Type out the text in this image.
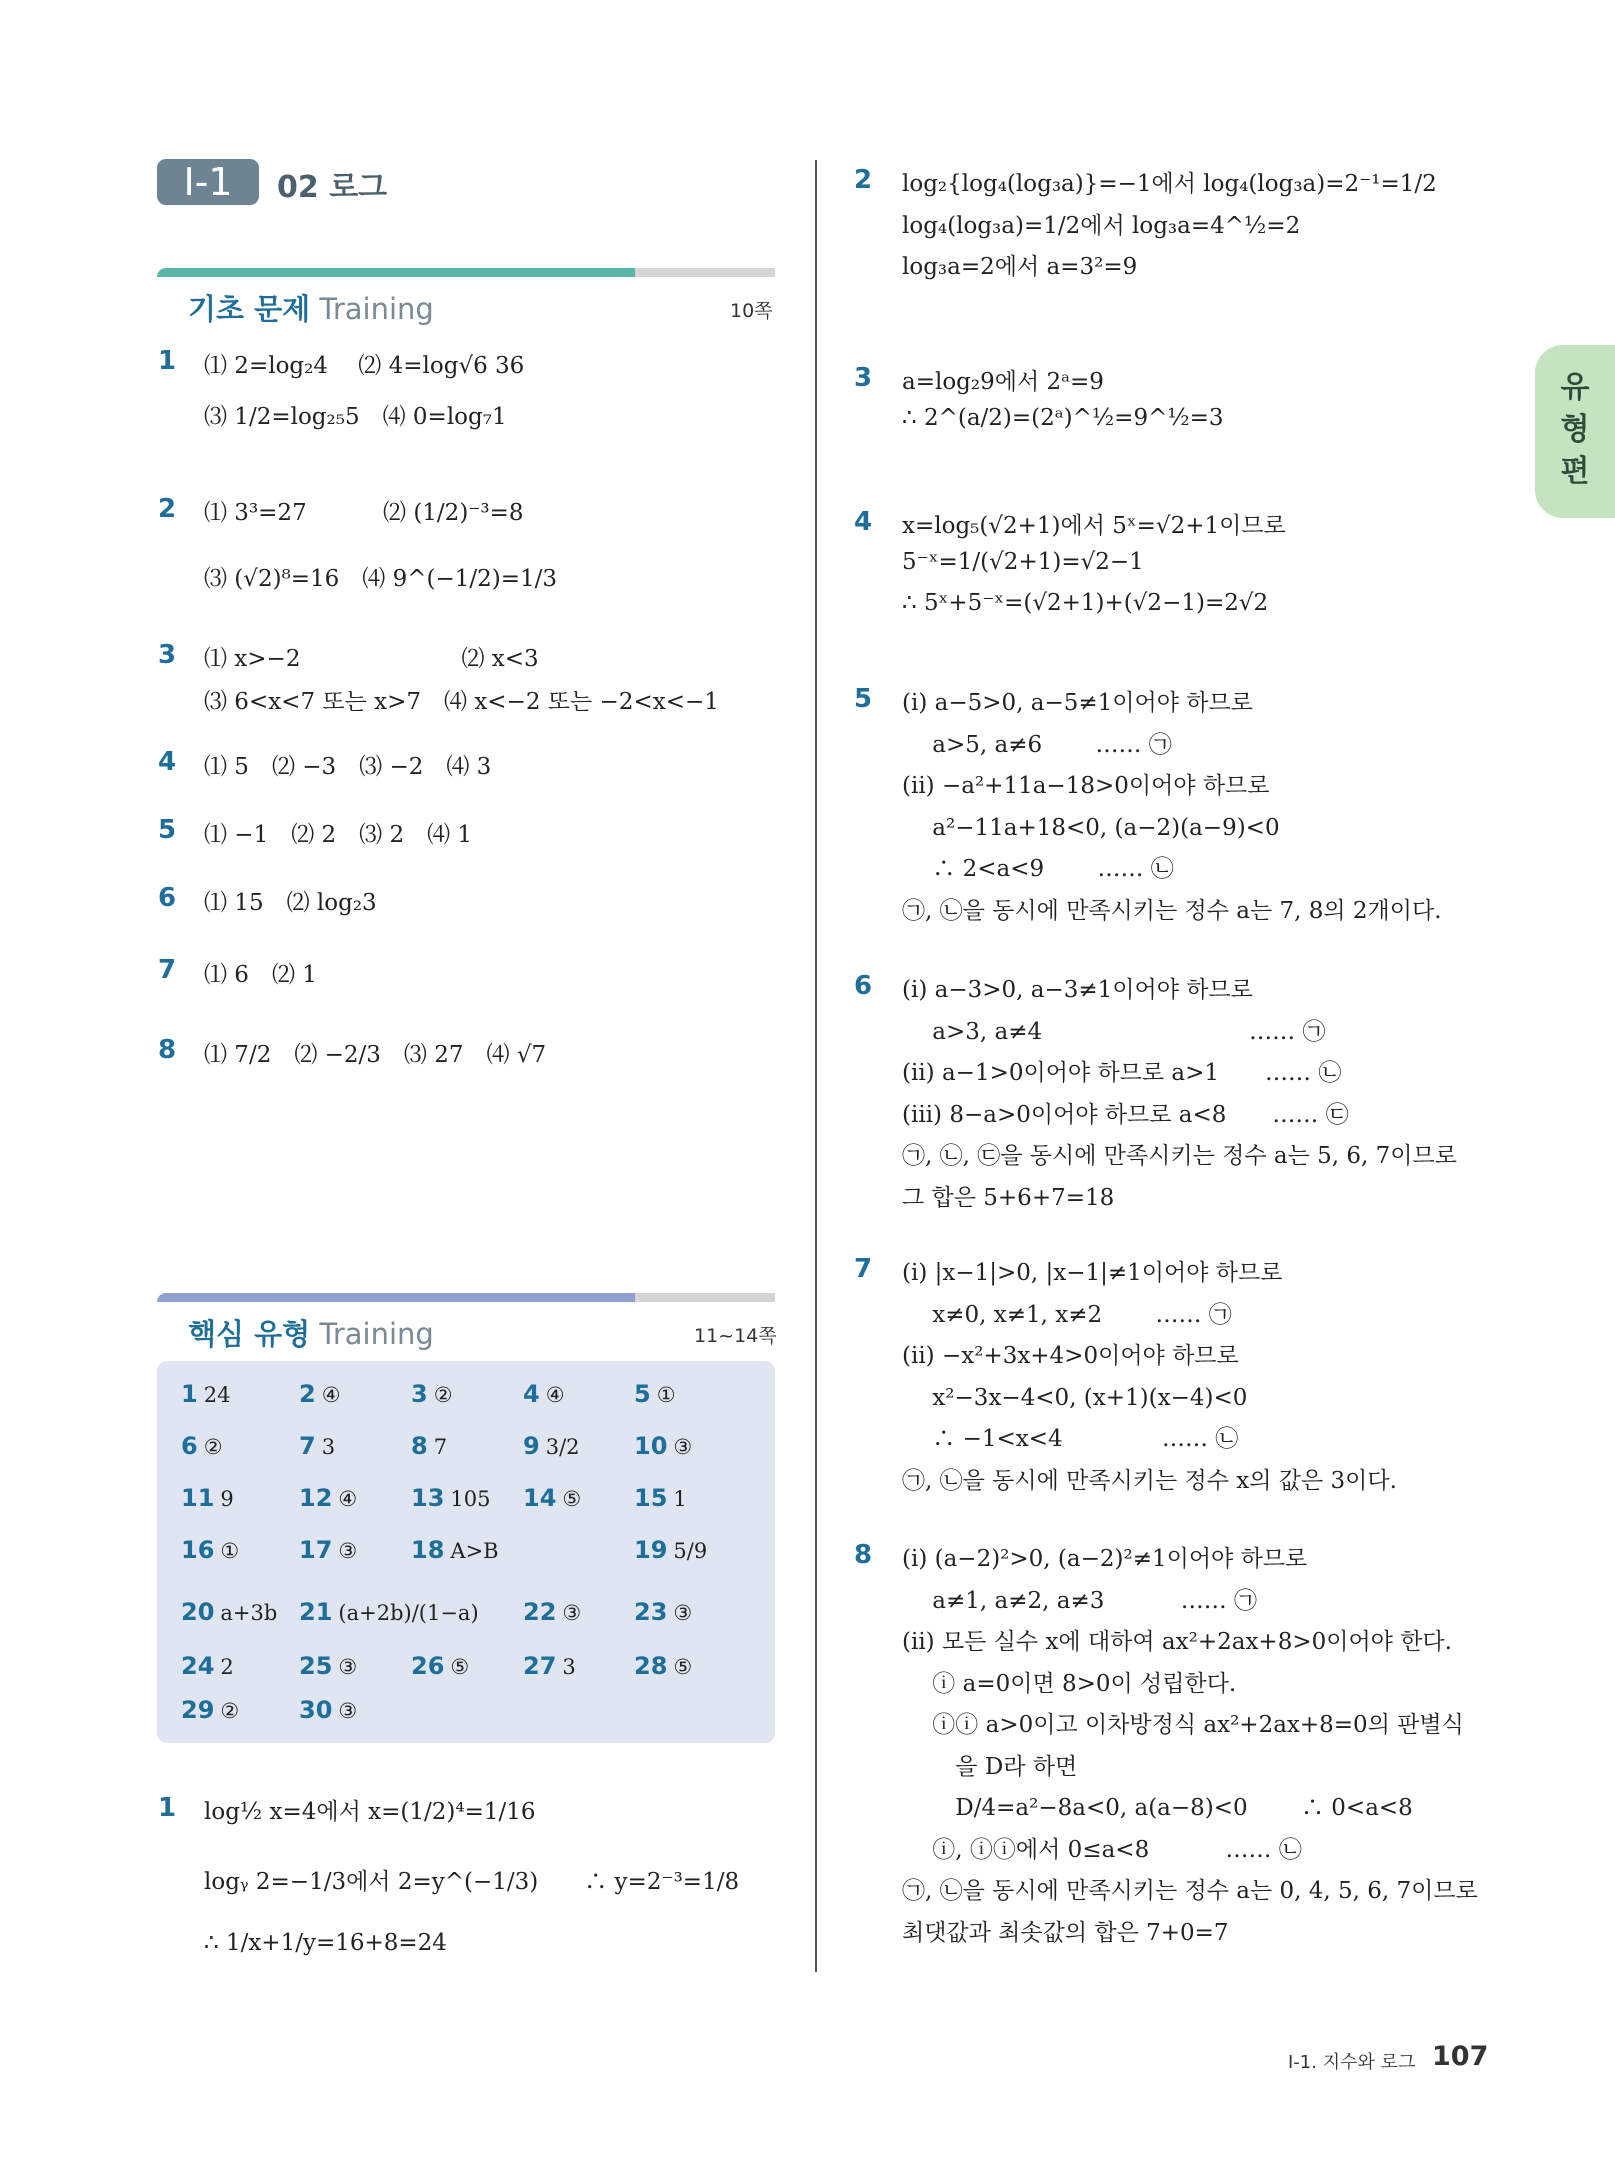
Ⅰ-1	02 로그
기초 문제 Training	10쪽
1 ⑴ 2=log₂4　 ⑵ 4=log√6 36
⑶ 1/2=log₂₅5　⑷ 0=log₇1
2 ⑴ 3³=27　　　 ⑵ (1/2)⁻³=8
⑶ (√2)⁸=16　⑷ 9^(−1/2)=1/3
3 ⑴ x>−2　　　　　　　⑵ x<3
⑶ 6<x<7 또는 x>7　⑷ x<−2 또는 −2<x<−1
4 ⑴ 5　⑵ −3　⑶ −2　⑷ 3
5 ⑴ −1　⑵ 2　⑶ 2　⑷ 1
6 ⑴ 15　⑵ log₂3
7 ⑴ 6　⑵ 1
8 ⑴ 7/2　⑵ −2/3　⑶ 27　⑷ √7
핵심 유형 Training	11~14쪽
1 24	2 ④	3 ②	4 ④	5 ①
6 ②	7 3	8 7	9 3/2 10 ③
11 9	12 ④ 13 105 14 ⑤ 15 1
16 ① 17 ③ 18 A>B	19 5/9
20 a+3b 21 (a+2b)/(1−a) 22 ③ 23 ③
24 2	25 ③ 26 ⑤ 27 3 28 ⑤
29 ② 30 ③
1 log½ x=4에서 x=(1/2)⁴=1/16
logᵧ 2=−1/3에서 2=y^(−1/3)　　∴ y=2⁻³=1/8
∴ 1/x+1/y=16+8=24
2 log₂{log₄(log₃a)}=−1에서 log₄(log₃a)=2⁻¹=1/2
log₄(log₃a)=1/2에서 log₃a=4^½=2
log₃a=2에서 a=3²=9
3 a=log₂9에서 2ᵃ=9
∴ 2^(a/2)=(2ᵃ)^½=9^½=3
4 x=log₅(√2+1)에서 5ˣ=√2+1이므로
5⁻ˣ=1/(√2+1)=√2−1
∴ 5ˣ+5⁻ˣ=(√2+1)+(√2−1)=2√2
5 (ⅰ) a−5>0, a−5≠1이어야 하므로
　 a>5, a≠6　　 …… ㉠
(ⅱ) −a²+11a−18>0이어야 하므로
　 a²−11a+18<0, (a−2)(a−9)<0
　 ∴ 2<a<9　　 …… ㉡
㉠, ㉡을 동시에 만족시키는 정수 a는 7, 8의 2개이다.
6 (ⅰ) a−3>0, a−3≠1이어야 하므로
　 a>3, a≠4　　　　　　　　　…… ㉠
(ⅱ) a−1>0이어야 하므로 a>1　　…… ㉡
(ⅲ) 8−a>0이어야 하므로 a<8　　…… ㉢
㉠, ㉡, ㉢을 동시에 만족시키는 정수 a는 5, 6, 7이므로
그 합은 5+6+7=18
7 (ⅰ) |x−1|>0, |x−1|≠1이어야 하므로
　 x≠0, x≠1, x≠2　　 …… ㉠
(ⅱ) −x²+3x+4>0이어야 하므로
　 x²−3x−4<0, (x+1)(x−4)<0
　 ∴ −1<x<4　　　　 …… ㉡
㉠, ㉡을 동시에 만족시키는 정수 x의 값은 3이다.
8 (ⅰ) (a−2)²>0, (a−2)²≠1이어야 하므로
　 a≠1, a≠2, a≠3　　　 …… ㉠
(ⅱ) 모든 실수 x에 대하여 ax²+2ax+8>0이어야 한다.
　 ⓘ a=0이면 8>0이 성립한다.
　 ⓘⓘ a>0이고 이차방정식 ax²+2ax+8=0의 판별식
　　 을 D라 하면
　　 D/4=a²−8a<0, a(a−8)<0　　 ∴ 0<a<8
　 ⓘ, ⓘⓘ에서 0≤a<8　　　 …… ㉡
㉠, ㉡을 동시에 만족시키는 정수 a는 0, 4, 5, 6, 7이므로
최댓값과 최솟값의 합은 7+0=7
유형편
Ⅰ-1. 지수와 로그 107
